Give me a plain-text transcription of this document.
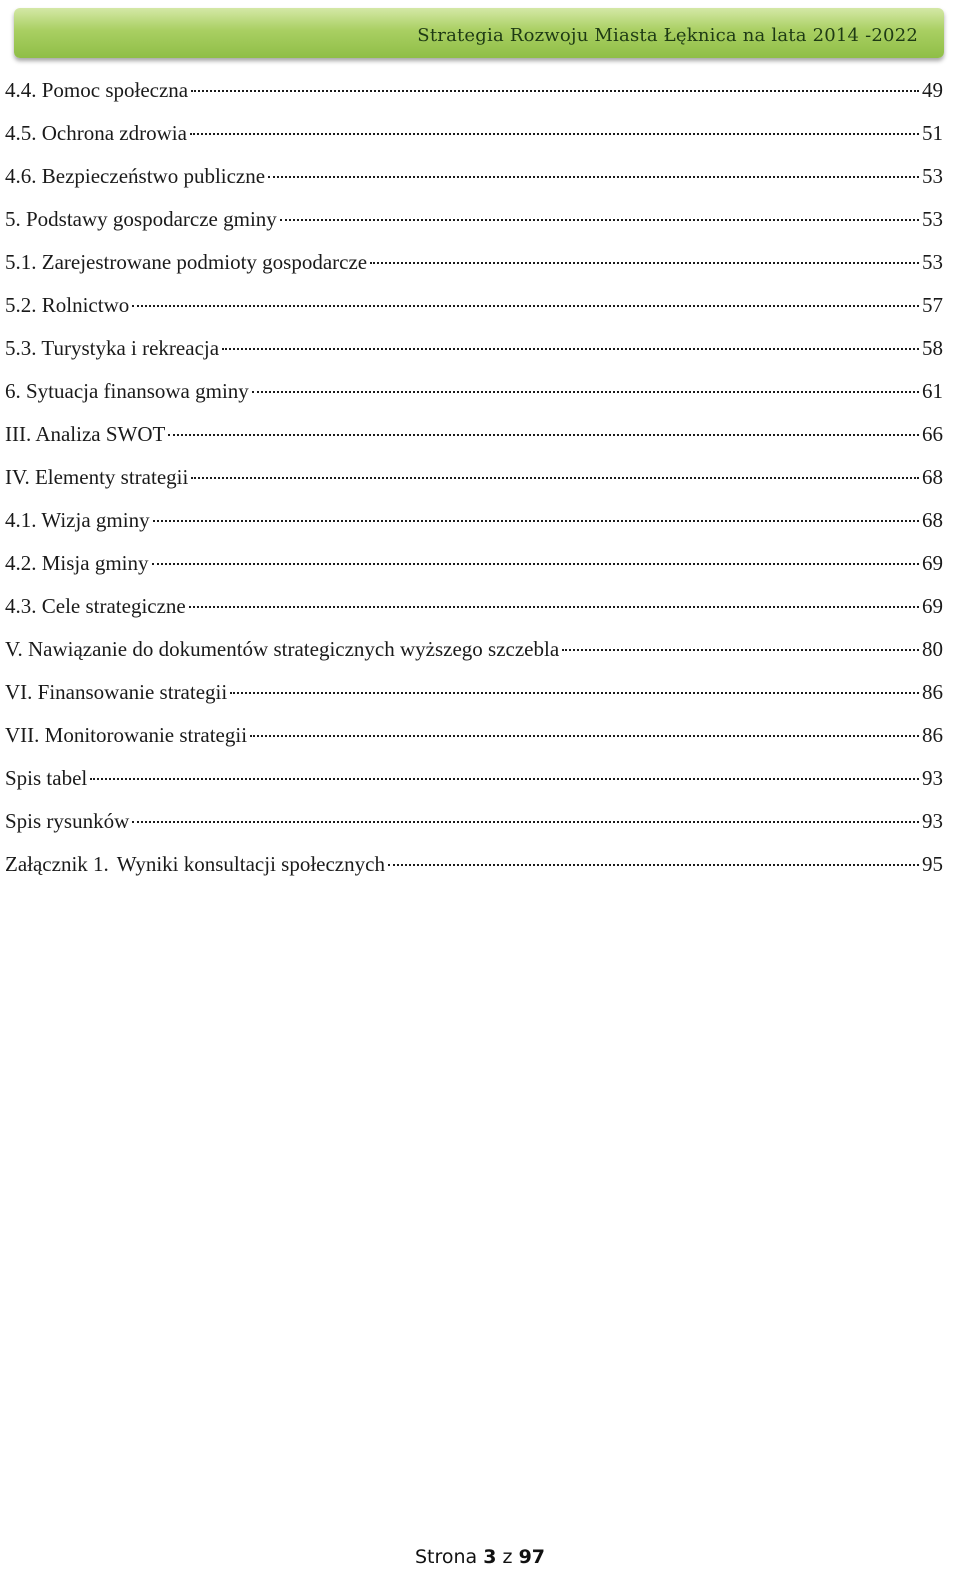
Strategia Rozwoju Miasta Łęknica na lata 2014 -2022
4.4. Pomoc społeczna	49
4.5. Ochrona zdrowia	51
4.6. Bezpieczeństwo publiczne	53
5. Podstawy gospodarcze gminy	53
5.1. Zarejestrowane podmioty gospodarcze	53
5.2. Rolnictwo	57
5.3. Turystyka i rekreacja	58
6. Sytuacja finansowa gminy	61
III. Analiza SWOT	66
IV. Elementy strategii	68
4.1. Wizja gminy	68
4.2. Misja gminy	69
4.3. Cele strategiczne	69
V. Nawiązanie do dokumentów strategicznych wyższego szczebla	80
VI. Finansowanie strategii	86
VII. Monitorowanie strategii	86
Spis tabel	93
Spis rysunków	93
Załącznik 1. Wyniki konsultacji społecznych	95
Strona 3 z 97
